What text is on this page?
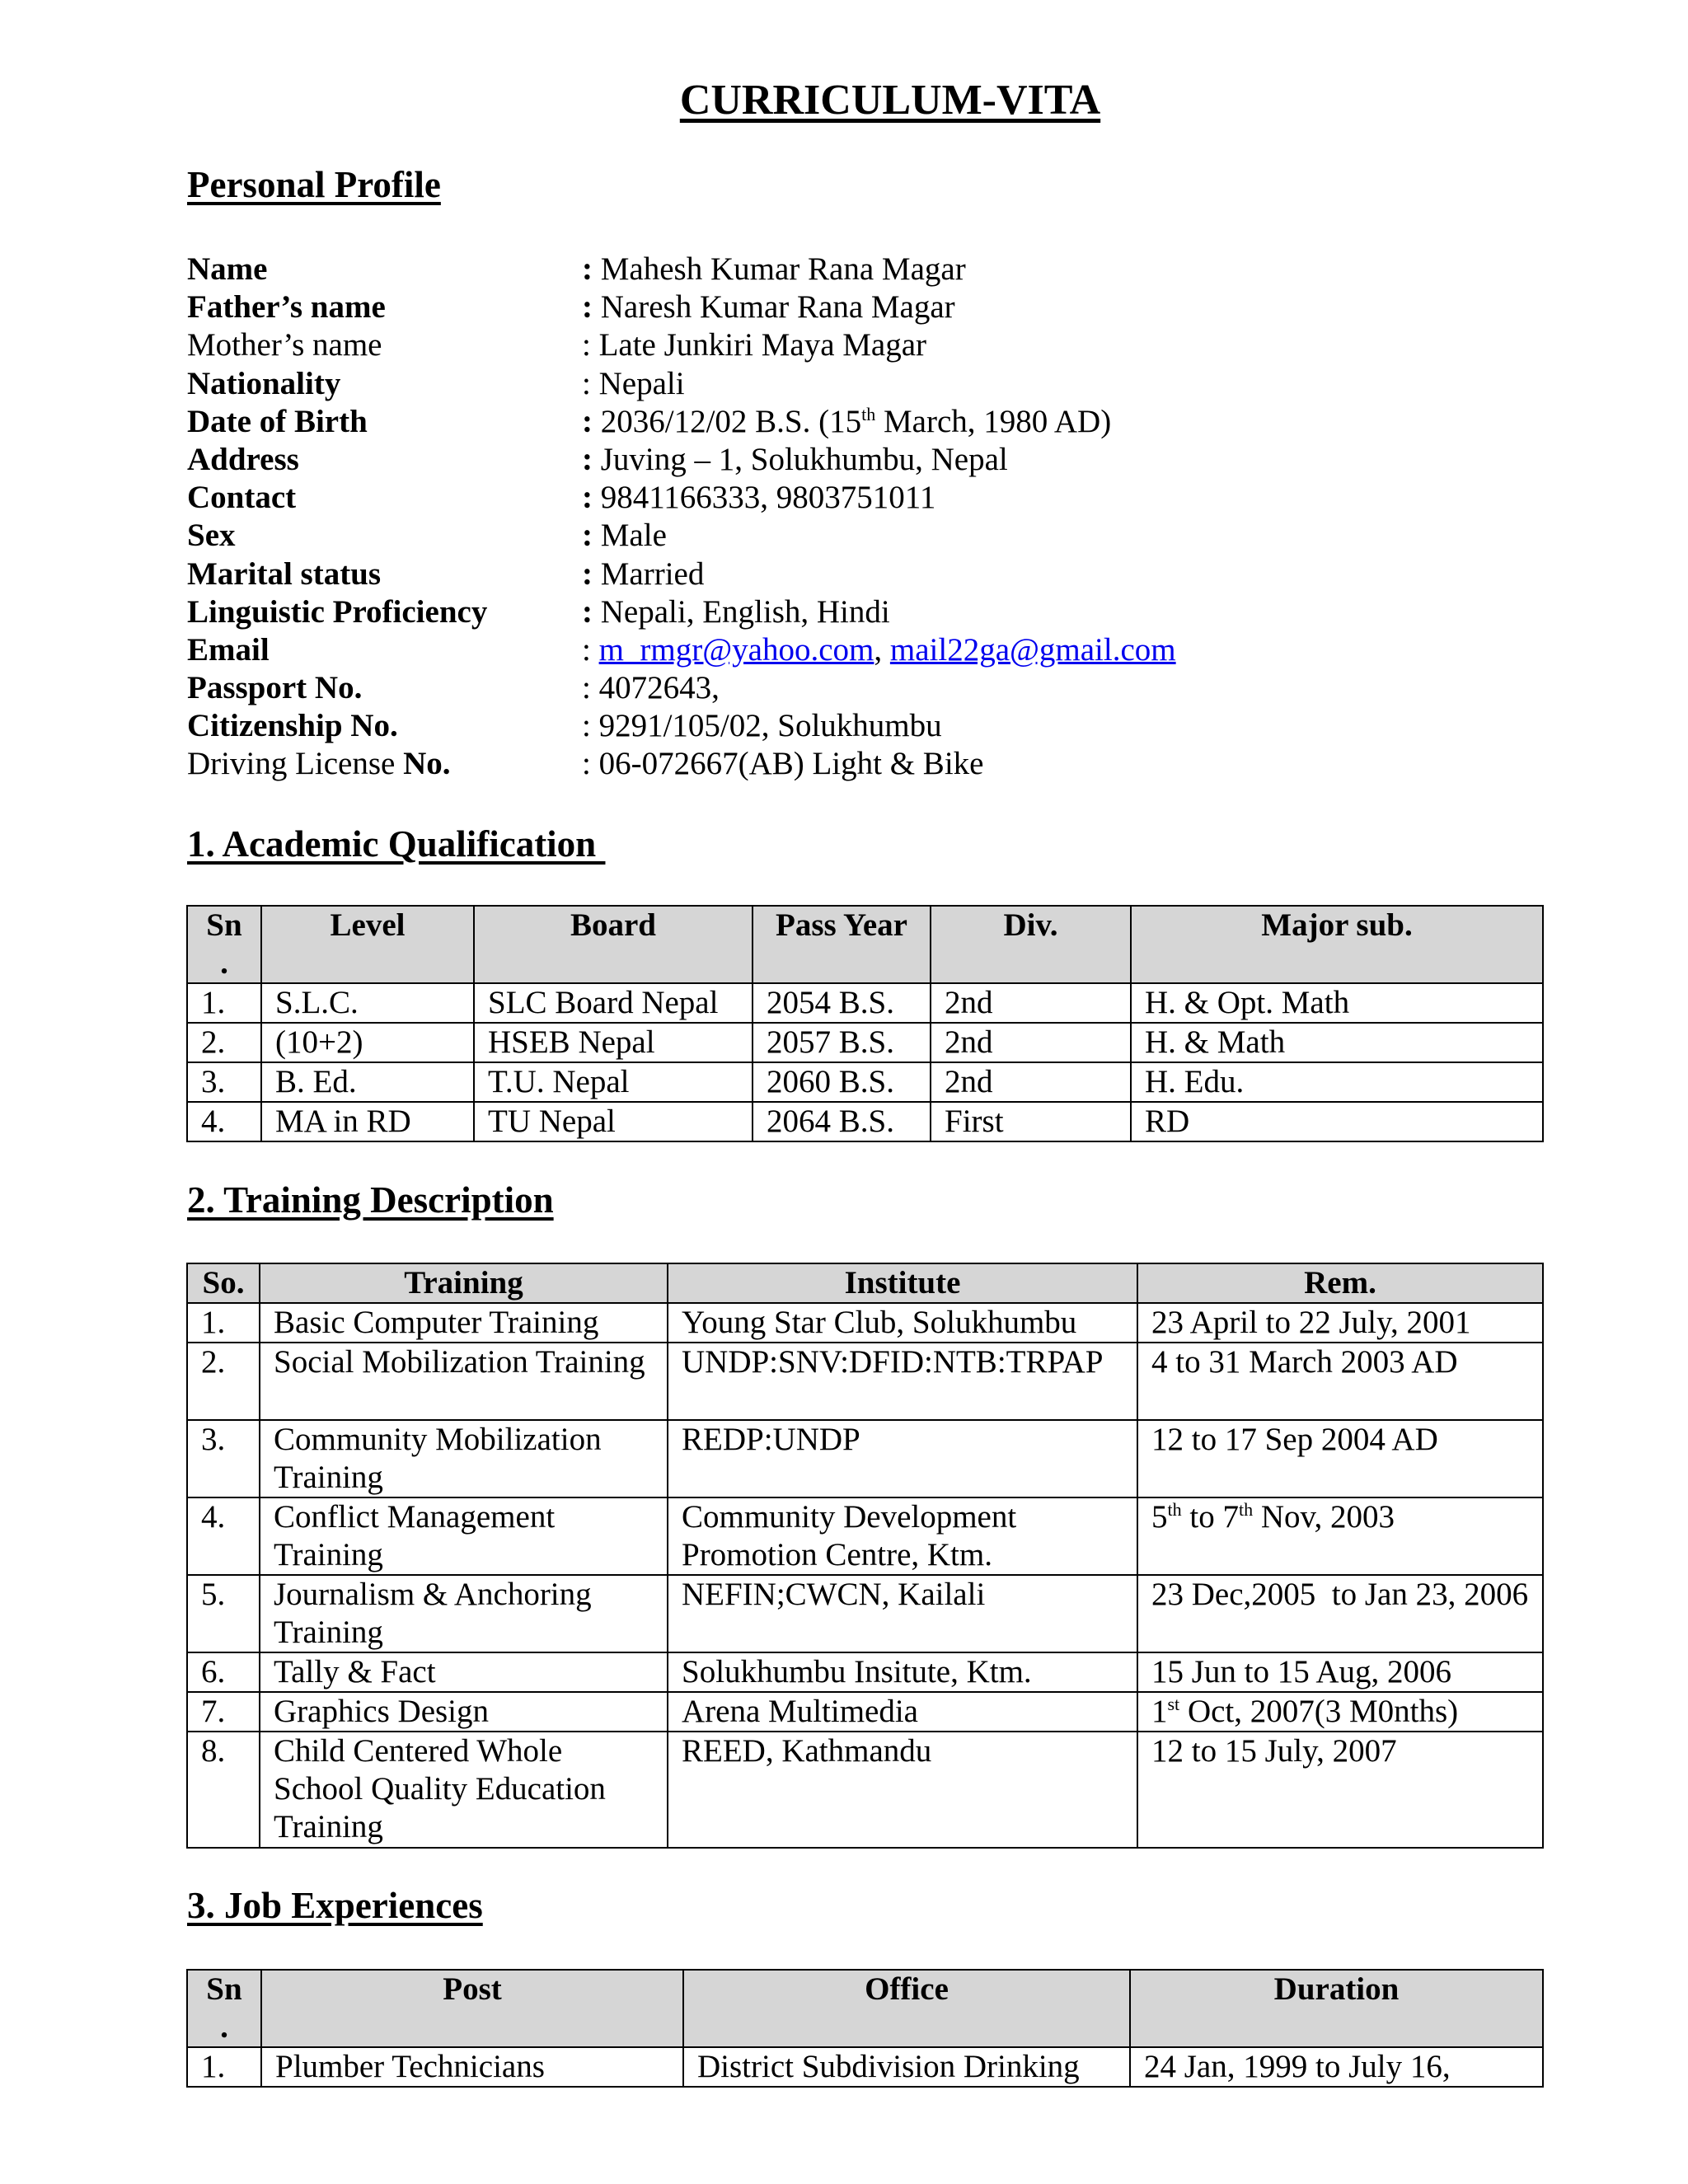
CURRICULUM-VITA
Personal Profile
Name	: Mahesh Kumar Rana Magar
Father’s name	: Naresh Kumar Rana Magar
Mother’s name	: Late Junkiri Maya Magar
Nationality	: Nepali
Date of Birth	: 2036/12/02 B.S. (15th March, 1980 AD)
Address	: Juving – 1, Solukhumbu, Nepal
Contact	: 9841166333, 9803751011
Sex	: Male
Marital status	: Married
Linguistic Proficiency	: Nepali, English, Hindi
Email	: m_rmgr@yahoo.com, mail22ga@gmail.com
Passport No.	: 4072643,
Citizenship No.	: 9291/105/02, Solukhumbu
Driving License No.	: 06-072667(AB) Light & Bike
1. Academic Qualification
Sn .	Level	Board	Pass Year	Div.	Major sub.
1.	S.L.C.	SLC Board Nepal	2054 B.S.	2nd	H. & Opt. Math
2.	(10+2)	HSEB Nepal	2057 B.S.	2nd	H. & Math
3.	B. Ed.	T.U. Nepal	2060 B.S.	2nd	H. Edu.
4.	MA in RD	TU Nepal	2064 B.S.	First	RD
2. Training Description
So.	Training	Institute	Rem.
1.	Basic Computer Training	Young Star Club, Solukhumbu	23 April to 22 July, 2001
2.	Social Mobilization Training	UNDP:SNV:DFID:NTB:TRPAP	4 to 31 March 2003 AD
3.	Community Mobilization Training	REDP:UNDP	12 to 17 Sep 2004 AD
4.	Conflict Management Training	Community Development Promotion Centre, Ktm.	5th to 7th Nov, 2003
5.	Journalism & Anchoring Training	NEFIN;CWCN, Kailali	23 Dec,2005  to Jan 23, 2006
6.	Tally & Fact	Solukhumbu Insitute, Ktm.	15 Jun to 15 Aug, 2006
7.	Graphics Design	Arena Multimedia	1st Oct, 2007(3 M0nths)
8.	Child Centered Whole School Quality Education Training	REED, Kathmandu	12 to 15 July, 2007
3. Job Experiences
Sn .	Post	Office	Duration
1.	Plumber Technicians	District Subdivision Drinking	24 Jan, 1999 to July 16,
